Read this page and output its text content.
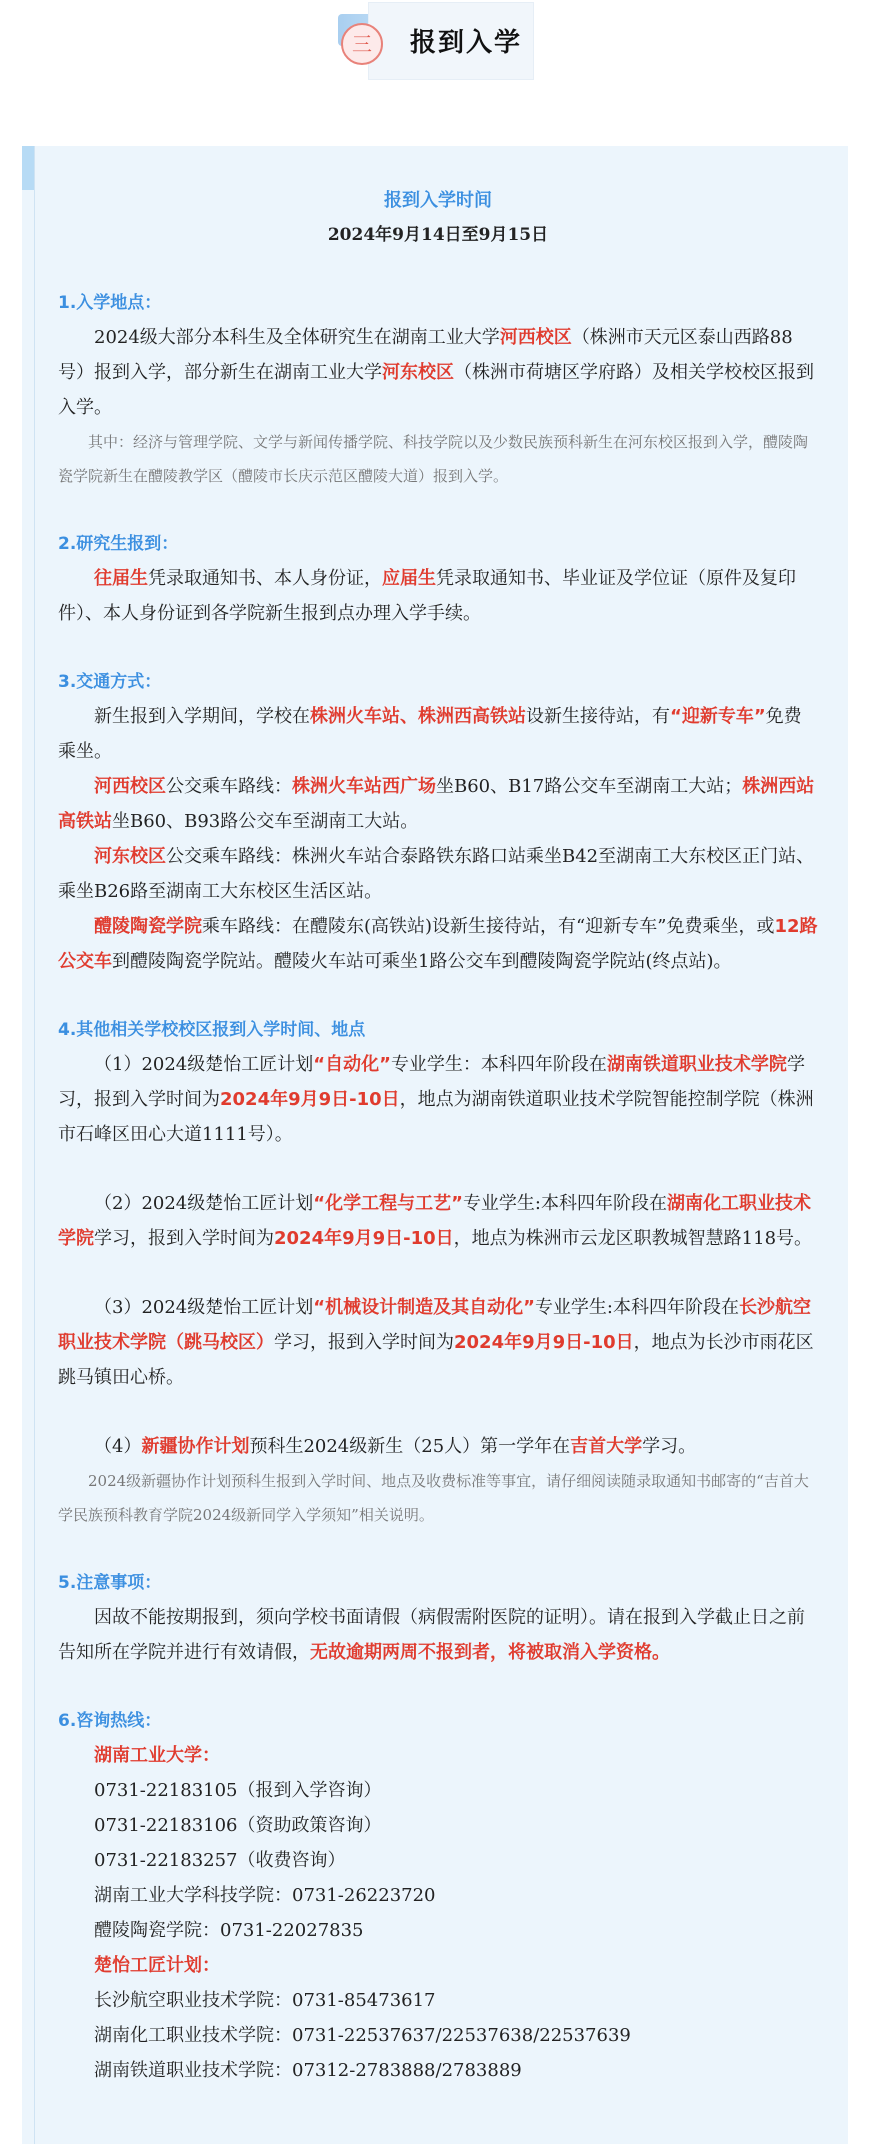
三 报到入学
报到入学时间
2024年9月14日至9月15日
1.入学地点：

2024级大部分本科生及全体研究生在湖南工业大学河西校区（株洲市天元区泰山西路88号）报到入学，部分新生在湖南工业大学河东校区（株洲市荷塘区学府路）及相关学校校区报到入学。

其中：经济与管理学院、文学与新闻传播学院、科技学院以及少数民族预科新生在河东校区报到入学，醴陵陶瓷学院新生在醴陵教学区（醴陵市长庆示范区醴陵大道）报到入学。

2.研究生报到：

往届生凭录取通知书、本人身份证，应届生凭录取通知书、毕业证及学位证（原件及复印件）、本人身份证到各学院新生报到点办理入学手续。

3.交通方式：

新生报到入学期间，学校在株洲火车站、株洲西高铁站设新生接待站，有“迎新专车”免费乘坐。

河西校区公交乘车路线：株洲火车站西广场坐B60、B17路公交车至湖南工大站；株洲西站高铁站坐B60、B93路公交车至湖南工大站。

河东校区公交乘车路线：株洲火车站合泰路铁东路口站乘坐B42至湖南工大东校区正门站、乘坐B26路至湖南工大东校区生活区站。

醴陵陶瓷学院乘车路线：在醴陵东(高铁站)设新生接待站，有“迎新专车”免费乘坐，或12路公交车到醴陵陶瓷学院站。醴陵火车站可乘坐1路公交车到醴陵陶瓷学院站(终点站)。

4.其他相关学校校区报到入学时间、地点

（1）2024级楚怡工匠计划“自动化”专业学生：本科四年阶段在湖南铁道职业技术学院学习，报到入学时间为2024年9月9日-10日，地点为湖南铁道职业技术学院智能控制学院（株洲市石峰区田心大道1111号）。

（2）2024级楚怡工匠计划“化学工程与工艺”专业学生:本科四年阶段在湖南化工职业技术学院学习，报到入学时间为2024年9月9日-10日，地点为株洲市云龙区职教城智慧路118号。

（3）2024级楚怡工匠计划“机械设计制造及其自动化”专业学生:本科四年阶段在长沙航空职业技术学院（跳马校区）学习，报到入学时间为2024年9月9日-10日，地点为长沙市雨花区跳马镇田心桥。

（4）新疆协作计划预科生2024级新生（25人）第一学年在吉首大学学习。

2024级新疆协作计划预科生报到入学时间、地点及收费标准等事宜，请仔细阅读随录取通知书邮寄的“吉首大学民族预科教育学院2024级新同学入学须知”相关说明。

5.注意事项：

因故不能按期报到，须向学校书面请假（病假需附医院的证明）。请在报到入学截止日之前告知所在学院并进行有效请假，无故逾期两周不报到者，将被取消入学资格。

6.咨询热线：
湖南工业大学：
0731-22183105（报到入学咨询）
0731-22183106（资助政策咨询）
0731-22183257（收费咨询）
湖南工业大学科技学院：0731-26223720
醴陵陶瓷学院：0731-22027835
楚怡工匠计划：
长沙航空职业技术学院：0731-85473617
湖南化工职业技术学院：0731-22537637/22537638/22537639
湖南铁道职业技术学院：07312-2783888/2783889
